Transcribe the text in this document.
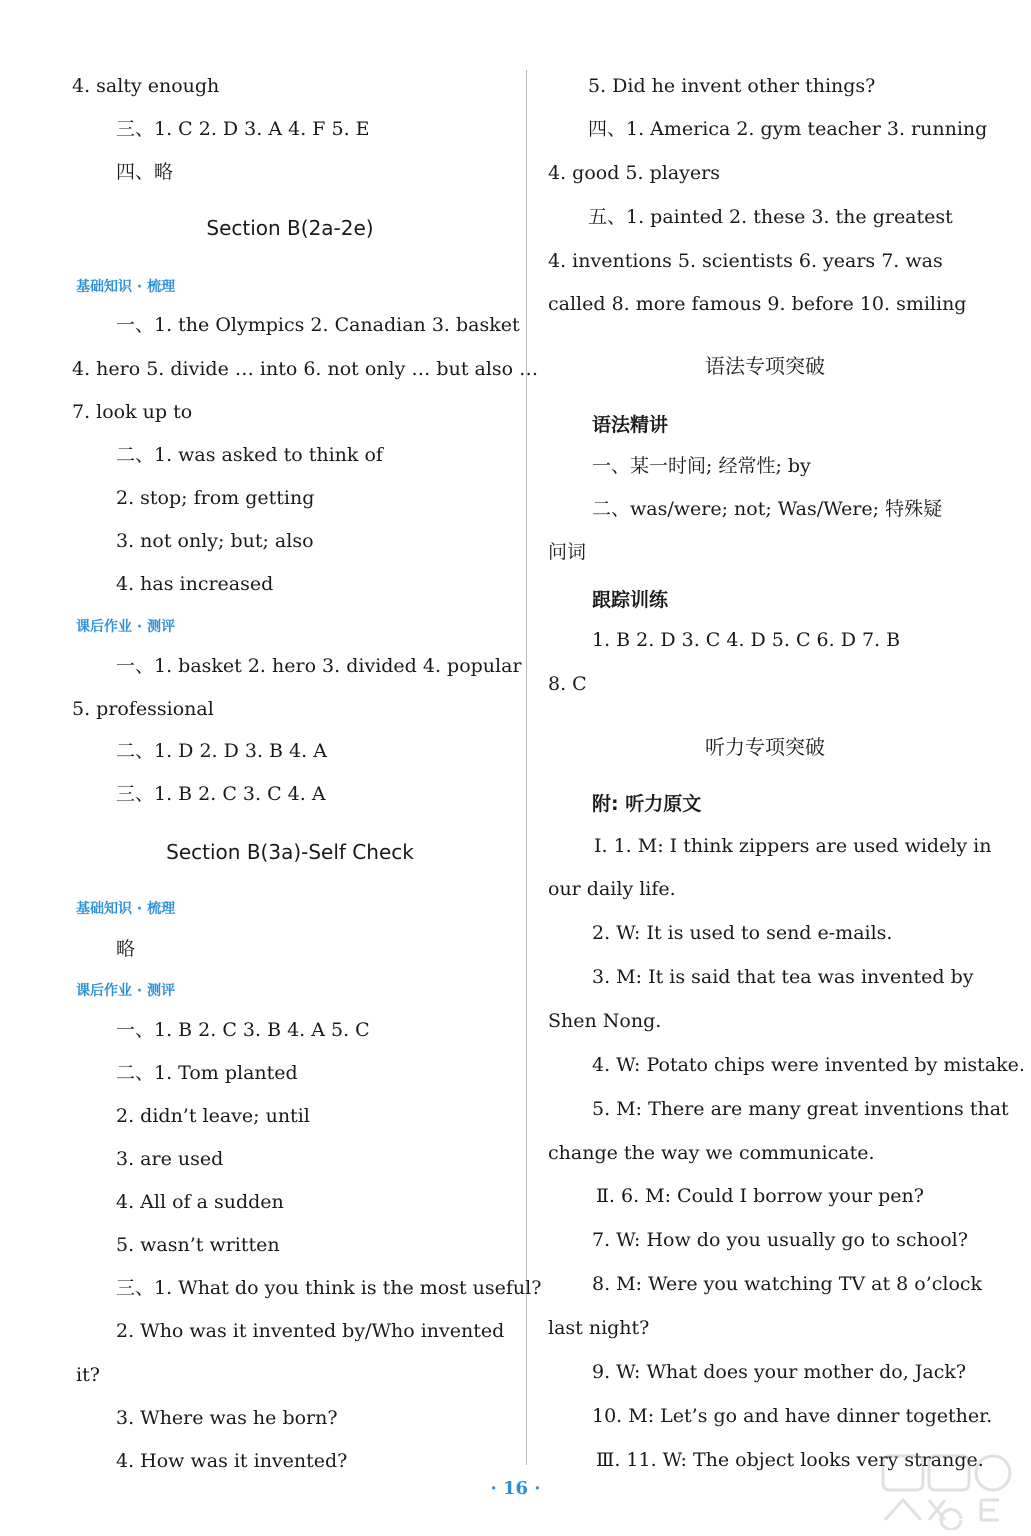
4. salty enough
三、1. C 2. D 3. A 4. F 5. E
四、略
Section B(2a-2e)
基础知识 · 梳理
一、1. the Olympics 2. Canadian 3. basket
4. hero 5. divide … into 6. not only … but also …
7. look up to
二、1. was asked to think of
2. stop; from getting
3. not only; but; also
4. has increased
课后作业 · 测评
一、1. basket 2. hero 3. divided 4. popular
5. professional
二、1. D 2. D 3. B 4. A
三、1. B 2. C 3. C 4. A
Section B(3a)-Self Check
基础知识 · 梳理
略
课后作业 · 测评
一、1. B 2. C 3. B 4. A 5. C
二、1. Tom planted
2. didn’t leave; until
3. are used
4. All of a sudden
5. wasn’t written
三、1. What do you think is the most useful?
2. Who was it invented by/Who invented
it?
3. Where was he born?
4. How was it invented?
5. Did he invent other things?
四、1. America 2. gym teacher 3. running
4. good 5. players
五、1. painted 2. these 3. the greatest
4. inventions 5. scientists 6. years 7. was
called 8. more famous 9. before 10. smiling
语法专项突破
语法精讲
一、某一时间; 经常性; by
二、was/were; not; Was/Were; 特殊疑
问词
跟踪训练
1. B 2. D 3. C 4. D 5. C 6. D 7. B
8. C
听力专项突破
附: 听力原文
Ⅰ. 1. M: I think zippers are used widely in
our daily life.
2. W: It is used to send e-mails.
3. M: It is said that tea was invented by
Shen Nong.
4. W: Potato chips were invented by mistake.
5. M: There are many great inventions that
change the way we communicate.
Ⅱ. 6. M: Could I borrow your pen?
7. W: How do you usually go to school?
8. M: Were you watching TV at 8 o’clock
last night?
9. W: What does your mother do, Jack?
10. M: Let’s go and have dinner together.
Ⅲ. 11. W: The object looks very strange.
· 16 ·
